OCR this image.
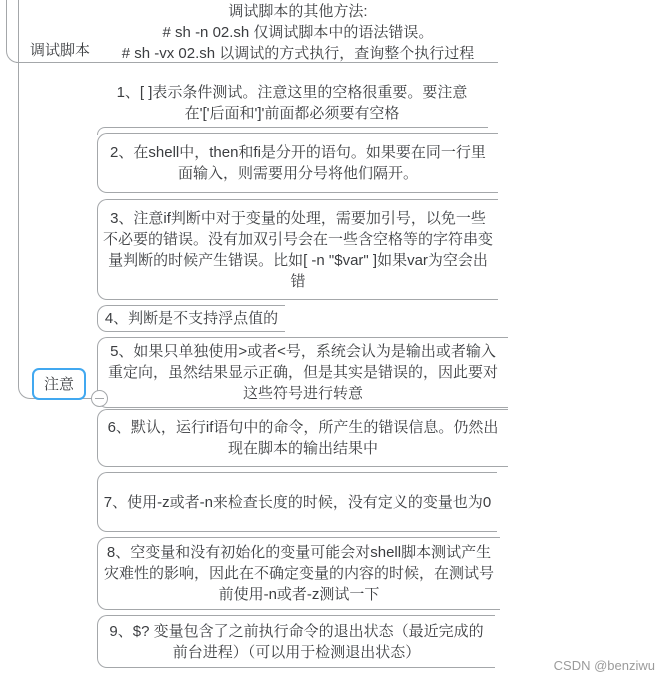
调试脚本
调试脚本的其他方法:
# sh -n 02.sh 仅调试脚本中的语法错误。
# sh -vx 02.sh 以调试的方式执行，查询整个执行过程
注意
1、[ ]表示条件测试。注意这里的空格很重要。要注意在'['后面和']'前面都必须要有空格
2、在shell中，then和fi是分开的语句。如果要在同一行里面输入，则需要用分号将他们隔开。
3、注意if判断中对于变量的处理，需要加引号，以免一些不必要的错误。没有加双引号会在一些含空格等的字符串变量判断的时候产生错误。比如[ -n "$var" ]如果var为空会出错
4、判断是不支持浮点值的
5、如果只单独使用>或者<号，系统会认为是输出或者输入重定向，虽然结果显示正确，但是其实是错误的，因此要对这些符号进行转意
6、默认，运行if语句中的命令，所产生的错误信息。仍然出现在脚本的输出结果中
7、使用-z或者-n来检查长度的时候，没有定义的变量也为0
8、空变量和没有初始化的变量可能会对shell脚本测试产生灾难性的影响，因此在不确定变量的内容的时候，在测试号前使用-n或者-z测试一下
9、$? 变量包含了之前执行命令的退出状态（最近完成的前台进程）（可以用于检测退出状态）
CSDN @benziwu
